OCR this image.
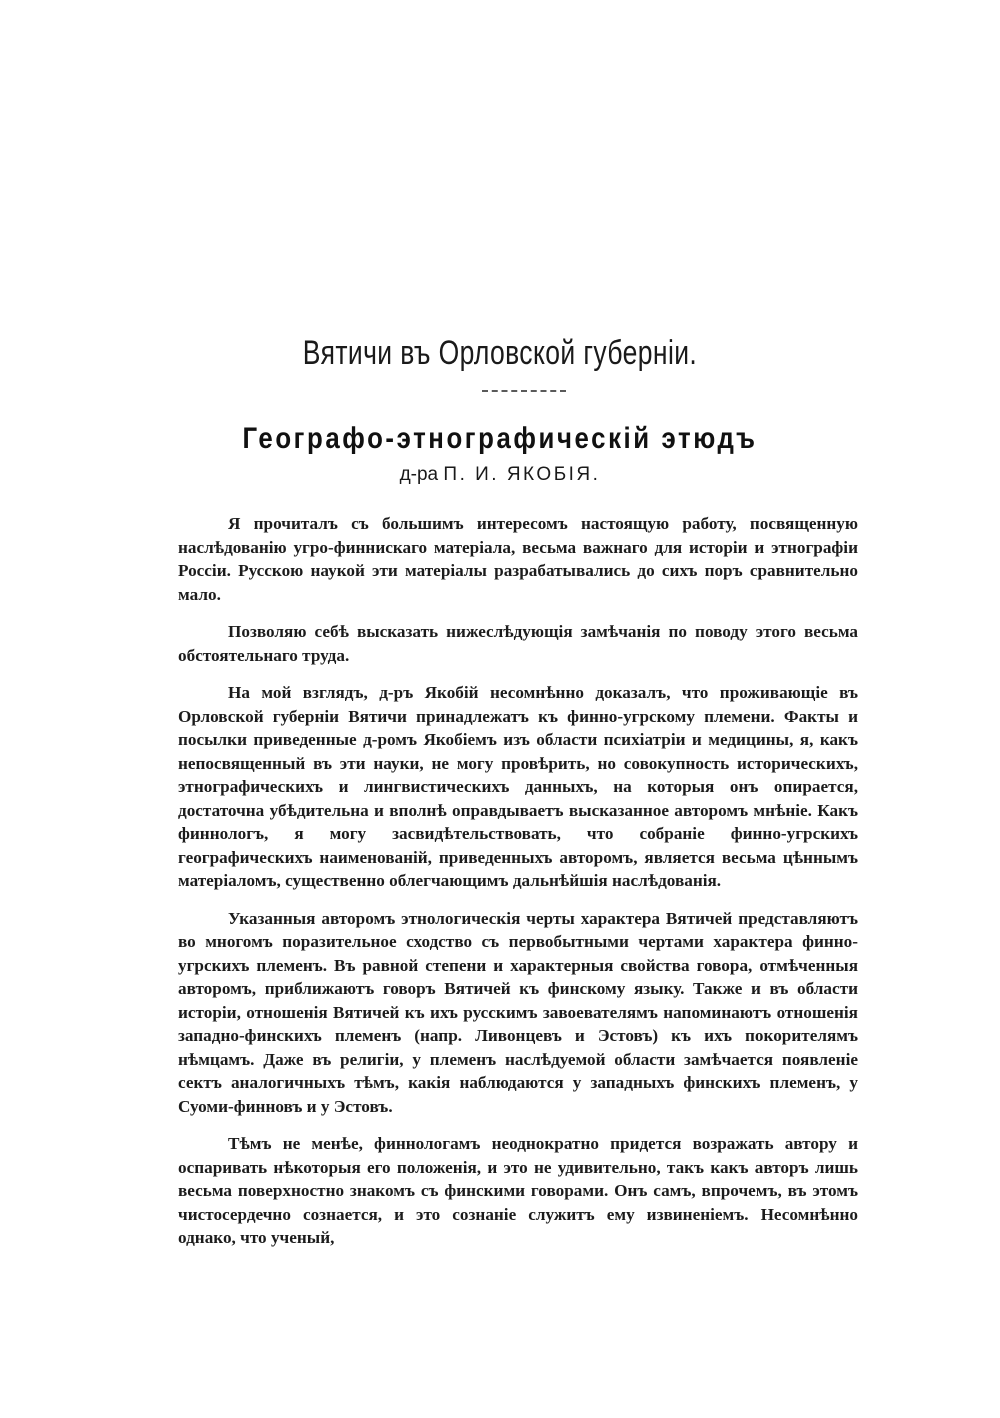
Вятичи въ Орловской губерніи.
Географо-этнографическій этюдъ
д-ра П. И. ЯКОБІЯ.

Я прочиталъ съ большимъ интересомъ настоящую работу, посвященную наслѣдованію угро-финнискаго матеріала, весьма важнаго для исторіи и этнографіи Россіи. Русскою наукой эти матеріалы разрабатывались до сихъ поръ сравнительно мало.

Позволяю себѣ высказать нижеслѣдующія замѣчанія по поводу этого весьма обстоятельнаго труда.

На мой взглядъ, д-ръ Якобій несомнѣнно доказалъ, что проживающіе въ Орловской губерніи Вятичи принадлежатъ къ финно-угрскому племени. Факты и посылки приведенные д-ромъ Якобіемъ изъ области психіатріи и медицины, я, какъ непосвященный въ эти науки, не могу провѣрить, но совокупность историческихъ, этнографическихъ и лингвистическихъ данныхъ, на которыя онъ опирается, достаточна убѣдительна и вполнѣ оправдываетъ высказанное авторомъ мнѣніе. Какъ финнологъ, я могу засвидѣтельствовать, что собраніе финно-угрскихъ географическихъ наименованій, приведенныхъ авторомъ, является весьма цѣннымъ матеріаломъ, существенно облегчающимъ дальнѣйшія наслѣдованія.

Указанныя авторомъ этнологическія черты характера Вятичей представляютъ во многомъ поразительное сходство съ первобытными чертами характера финно-угрскихъ племенъ. Въ равной степени и характерныя свойства говора, отмѣченныя авторомъ, приближаютъ говоръ Вятичей къ финскому языку. Также и въ области исторіи, отношенія Вятичей къ ихъ русскимъ завоевателямъ напоминаютъ отношенія западно-финскихъ племенъ (напр. Ливонцевъ и Эстовъ) къ ихъ покорителямъ нѣмцамъ. Даже въ религіи, у племенъ наслѣдуемой области замѣчается появленіе сектъ аналогичныхъ тѣмъ, какія наблюдаются у западныхъ финскихъ племенъ, у Суоми-финновъ и у Эстовъ.

Тѣмъ не менѣе, финнологамъ неоднократно придется возражать автору и оспаривать нѣкоторыя его положенія, и это не удивительно, такъ какъ авторъ лишь весьма поверхностно знакомъ съ финскими говорами. Онъ самъ, впрочемъ, въ этомъ чистосердечно сознается, и это сознаніе служитъ ему извиненіемъ. Несомнѣнно однако, что ученый,
